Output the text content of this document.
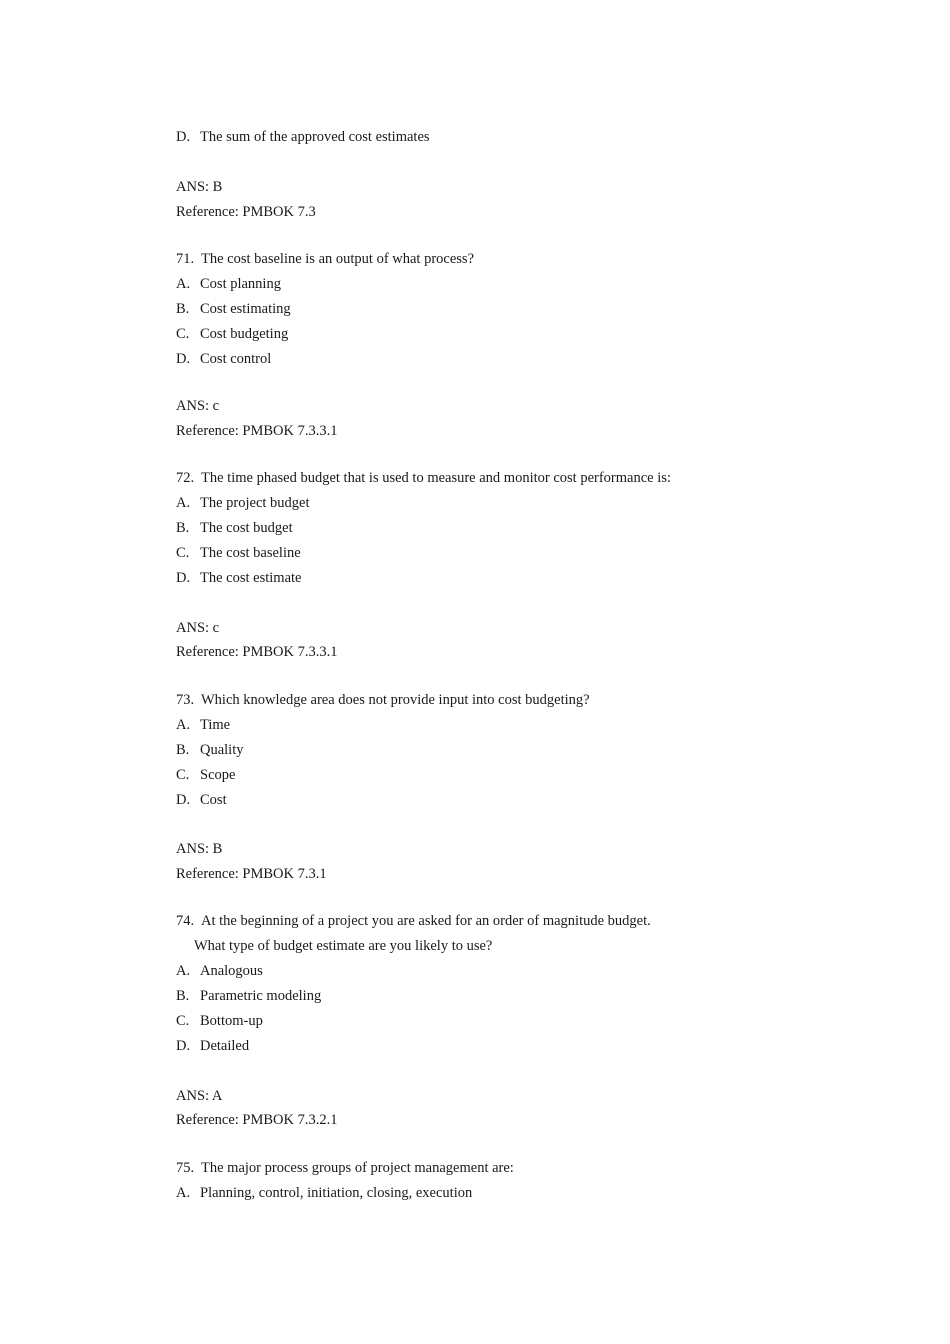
D. The sum of the approved cost estimates
ANS: B
Reference: PMBOK 7.3
71. The cost baseline is an output of what process?
A. Cost planning
B. Cost estimating
C. Cost budgeting
D. Cost control
ANS: c
Reference: PMBOK 7.3.3.1
72. The time phased budget that is used to measure and monitor cost performance is:
A. The project budget
B. The cost budget
C. The cost baseline
D. The cost estimate
ANS: c
Reference: PMBOK 7.3.3.1
73. Which knowledge area does not provide input into cost budgeting?
A. Time
B. Quality
C. Scope
D. Cost
ANS: B
Reference: PMBOK 7.3.1
74. At the beginning of a project you are asked for an order of magnitude budget.
What type of budget estimate are you likely to use?
A. Analogous
B. Parametric modeling
C. Bottom-up
D. Detailed
ANS: A
Reference: PMBOK 7.3.2.1
75. The major process groups of project management are:
A. Planning, control, initiation, closing, execution
